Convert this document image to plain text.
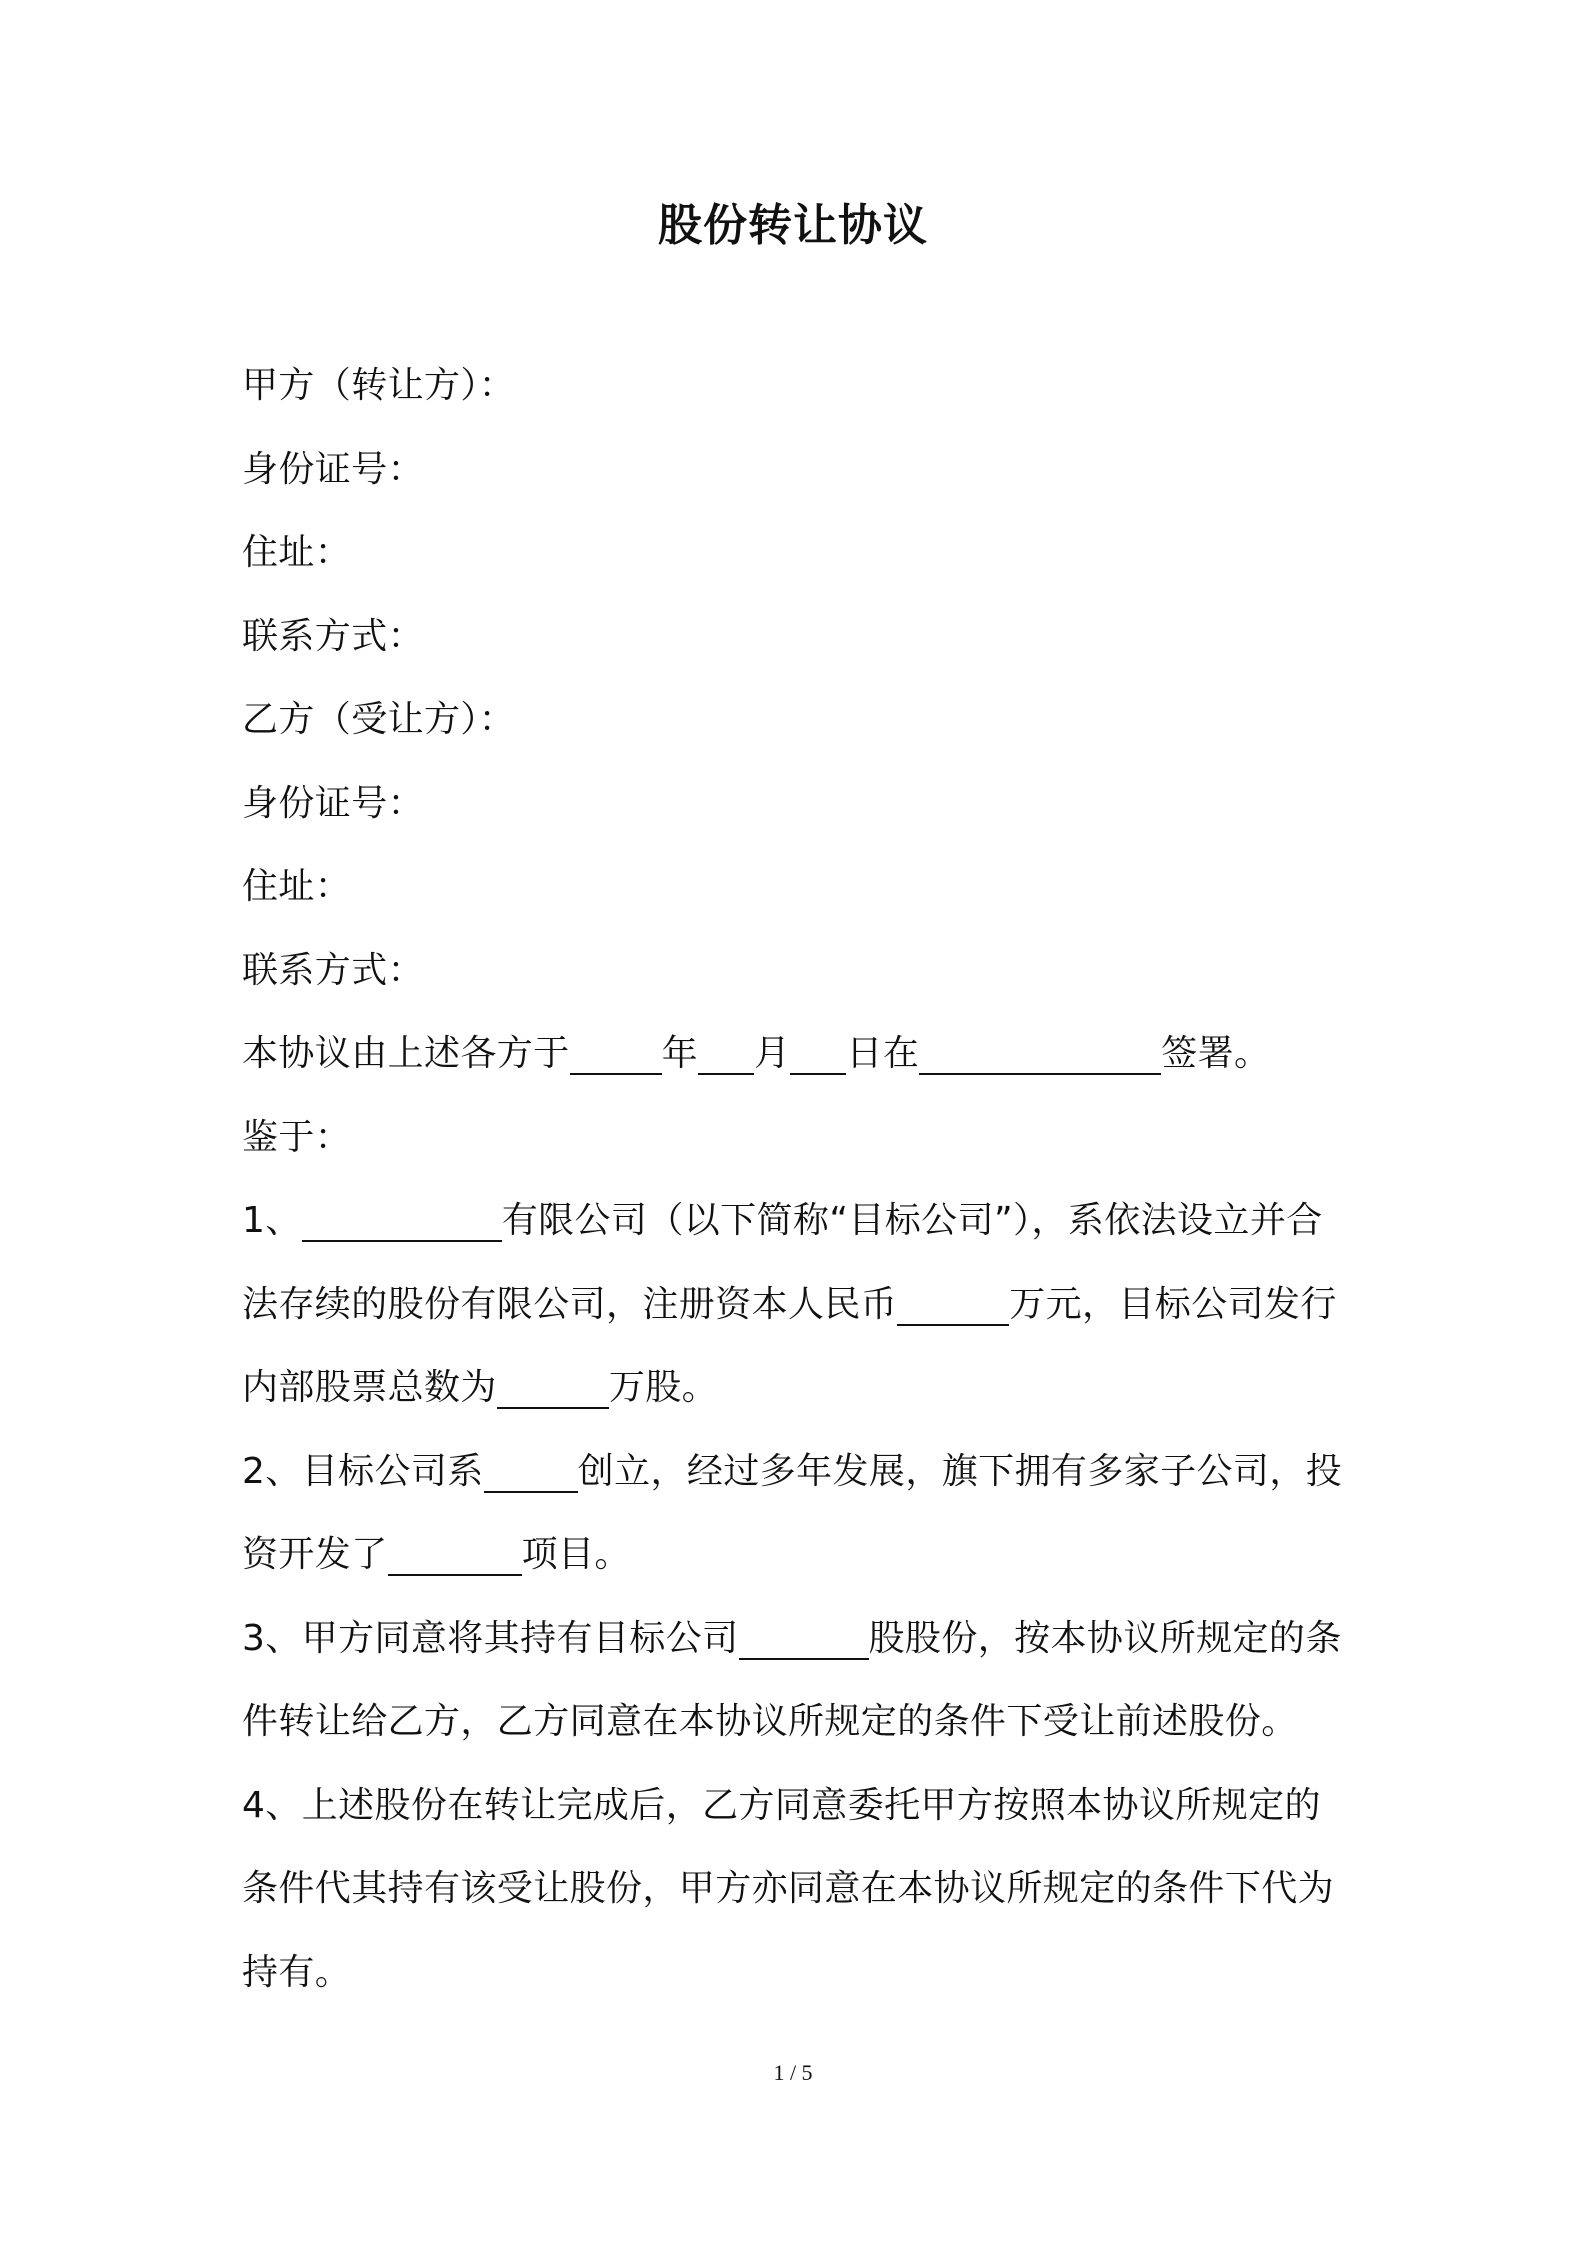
股份转让协议
甲方（转让方）：
身份证号：
住址：
联系方式：
乙方（受让方）：
身份证号：
住址：
联系方式：
本协议由上述各方于	年 月 日在	签署。
鉴于：
1、	有限公司（以下简称“目标公司”），系依法设立并合
法存续的股份有限公司，注册资本人民币	万元，目标公司发行
内部股票总数为	万股。
2、目标公司系	创立，经过多年发展，旗下拥有多家子公司，投
资开发了	项目。
3、甲方同意将其持有目标公司	股股份，按本协议所规定的条
件转让给乙方，乙方同意在本协议所规定的条件下受让前述股份。
4、上述股份在转让完成后，乙方同意委托甲方按照本协议所规定的
条件代其持有该受让股份，甲方亦同意在本协议所规定的条件下代为
持有。
1 / 5
